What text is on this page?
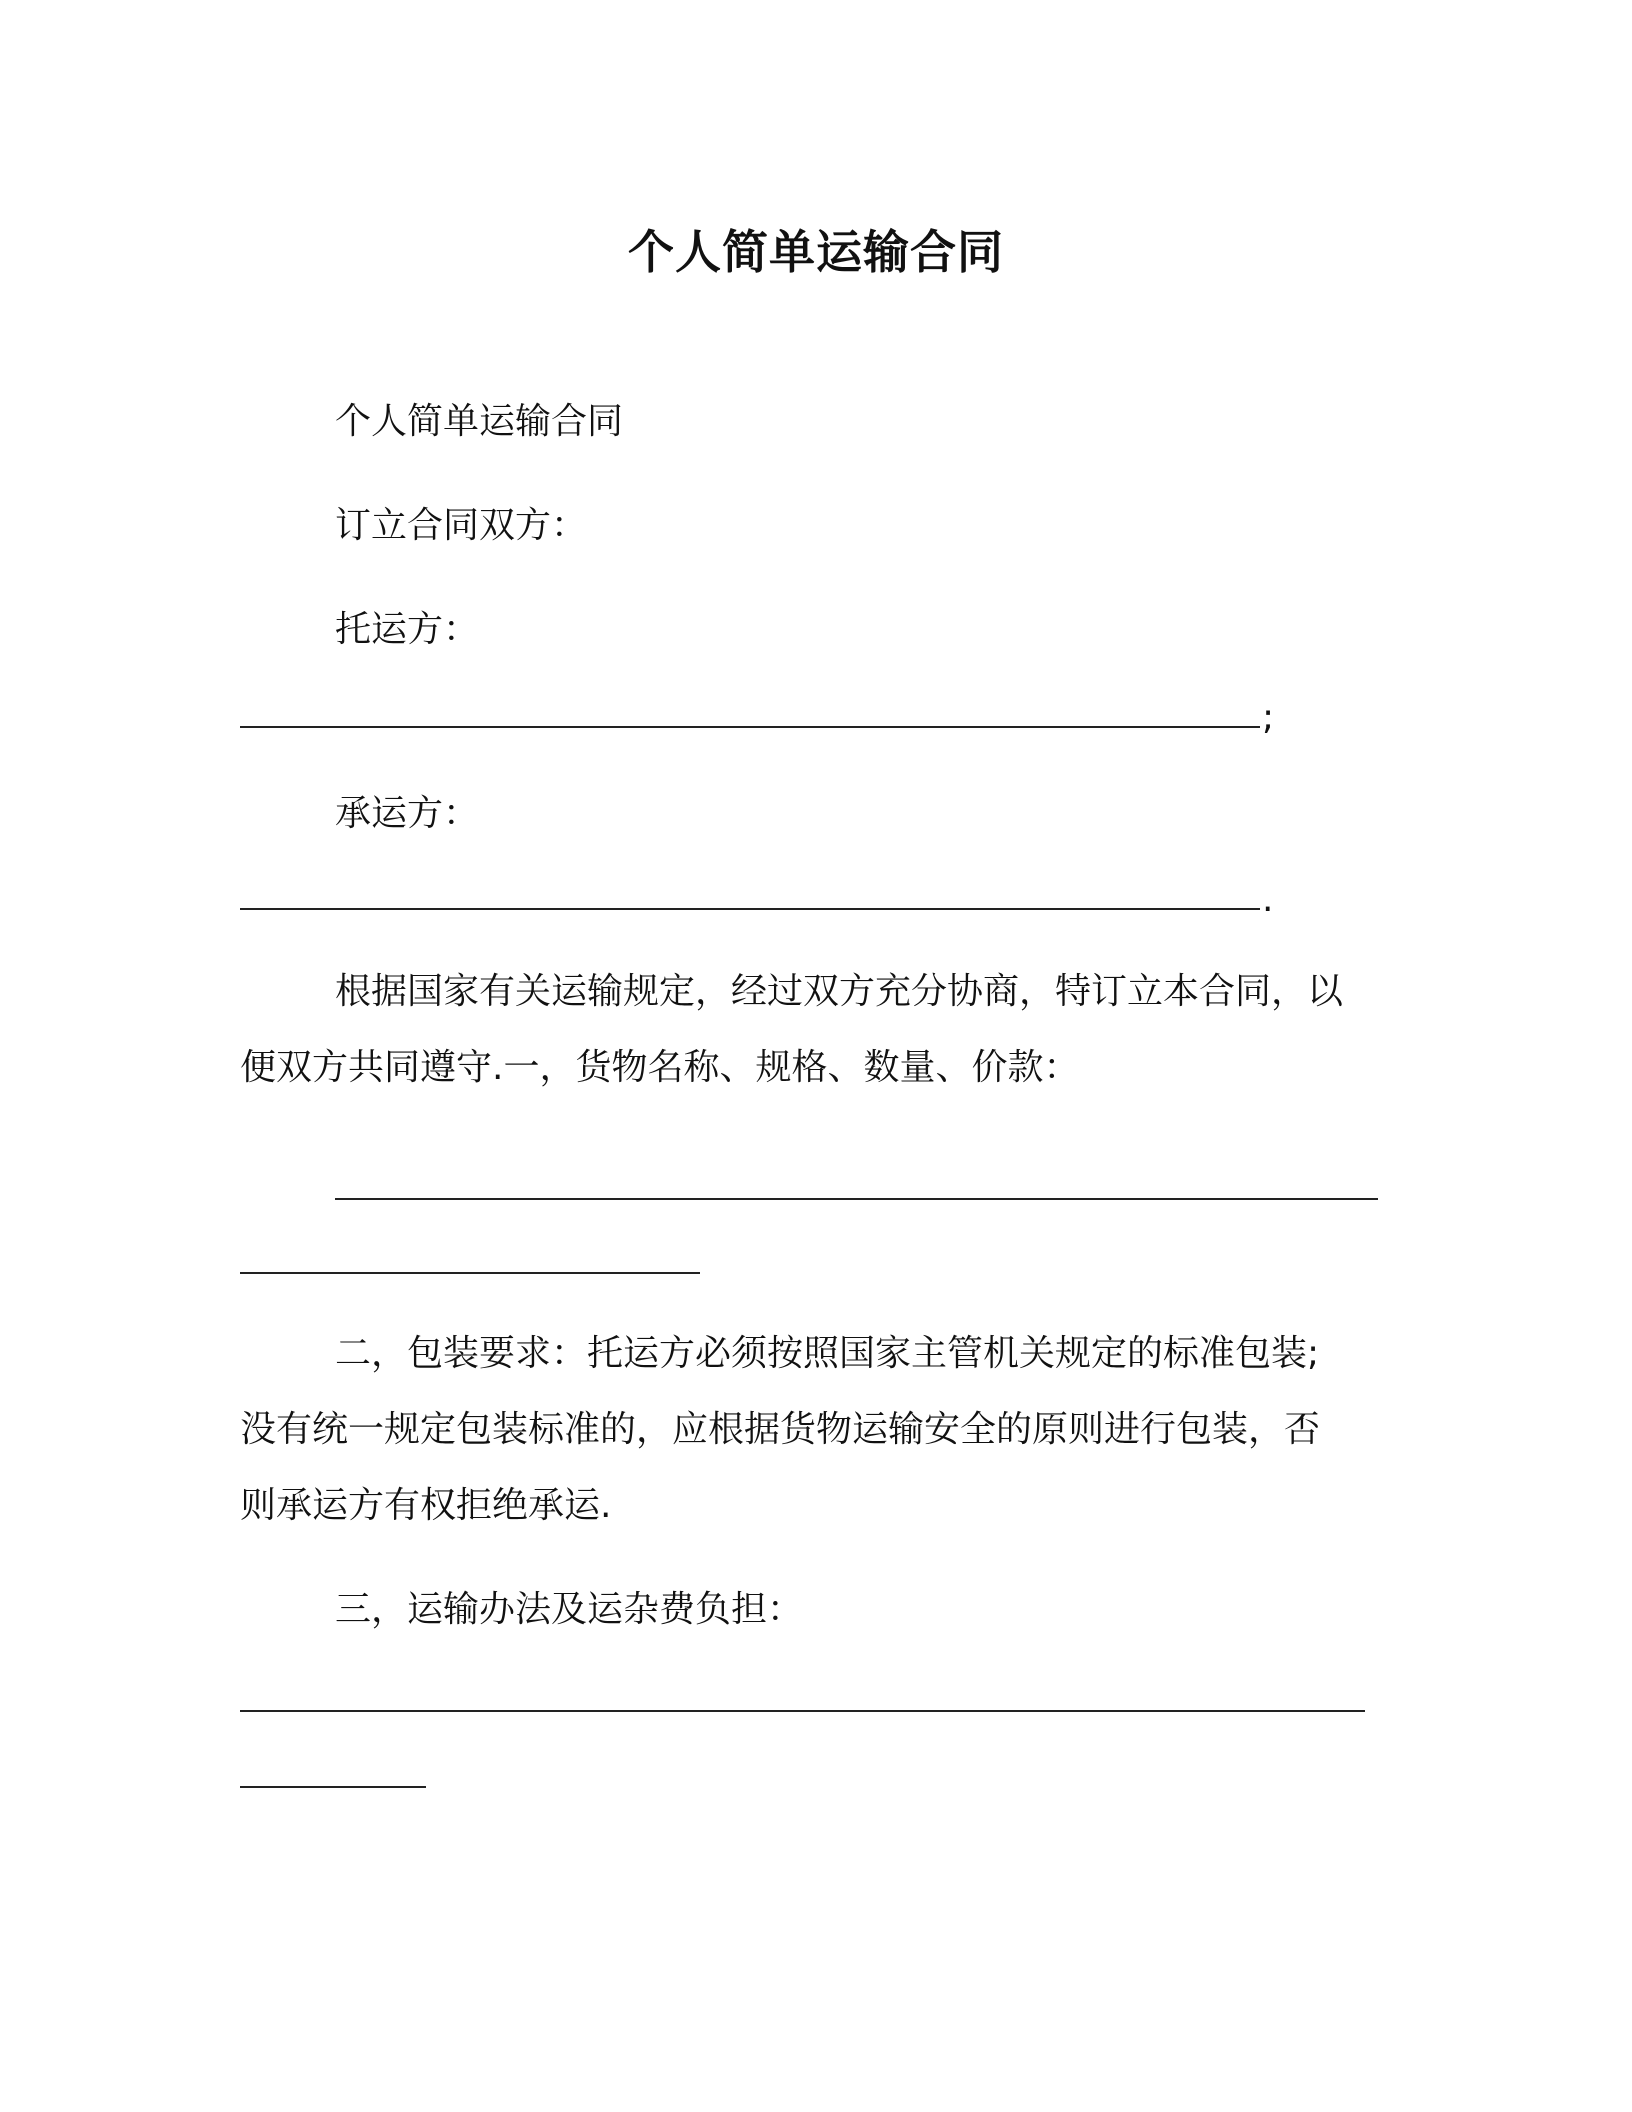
个人简单运输合同
个人简单运输合同
订立合同双方：
托运方：
;
承运方：
.
根据国家有关运输规定，经过双方充分协商，特订立本合同，以
便双方共同遵守.一，货物名称、规格、数量、价款：
二，包装要求：托运方必须按照国家主管机关规定的标准包装;
没有统一规定包装标准的，应根据货物运输安全的原则进行包装，否
则承运方有权拒绝承运.
三，运输办法及运杂费负担：
